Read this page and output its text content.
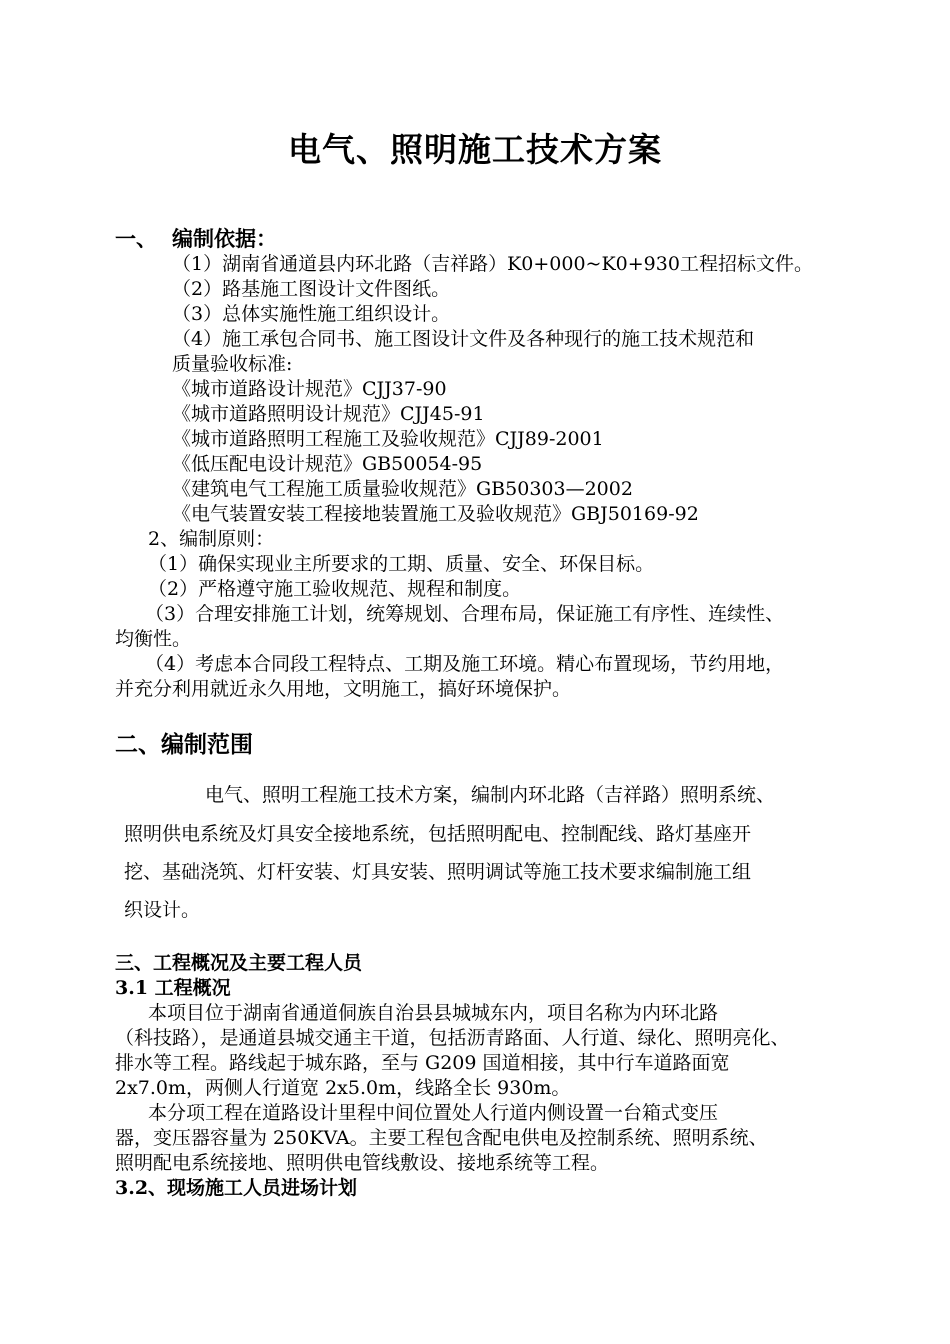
电气、照明施工技术方案
一、 编制依据：
（1）湖南省通道县内环北路（吉祥路）K0+000~K0+930工程招标文件。
（2）路基施工图设计文件图纸。
（3）总体实施性施工组织设计。
（4）施工承包合同书、施工图设计文件及各种现行的施工技术规范和
质量验收标准:
《城市道路设计规范》CJJ37-90
《城市道路照明设计规范》CJJ45-91
《城市道路照明工程施工及验收规范》CJJ89-2001
《低压配电设计规范》GB50054-95
《建筑电气工程施工质量验收规范》GB50303—2002
《电气装置安装工程接地装置施工及验收规范》GBJ50169-92
2、编制原则：
（1）确保实现业主所要求的工期、质量、安全、环保目标。
（2）严格遵守施工验收规范、规程和制度。
（3）合理安排施工计划，统筹规划、合理布局，保证施工有序性、连续性、
均衡性。
（4）考虑本合同段工程特点、工期及施工环境。精心布置现场，节约用地，
并充分利用就近永久用地，文明施工，搞好环境保护。
二、编制范围
电气、照明工程施工技术方案，编制内环北路（吉祥路）照明系统、
照明供电系统及灯具安全接地系统，包括照明配电、控制配线、路灯基座开
挖、基础浇筑、灯杆安装、灯具安装、照明调试等施工技术要求编制施工组
织设计。
三、工程概况及主要工程人员
3.1 工程概况
本项目位于湖南省通道侗族自治县县城城东内，项目名称为内环北路
（科技路），是通道县城交通主干道，包括沥青路面、人行道、绿化、照明亮化、
排水等工程。路线起于城东路，至与 G209 国道相接，其中行车道路面宽
2x7.0m，两侧人行道宽 2x5.0m，线路全长 930m。
本分项工程在道路设计里程中间位置处人行道内侧设置一台箱式变压
器，变压器容量为 250KVA。主要工程包含配电供电及控制系统、照明系统、
照明配电系统接地、照明供电管线敷设、接地系统等工程。
3.2、现场施工人员进场计划
